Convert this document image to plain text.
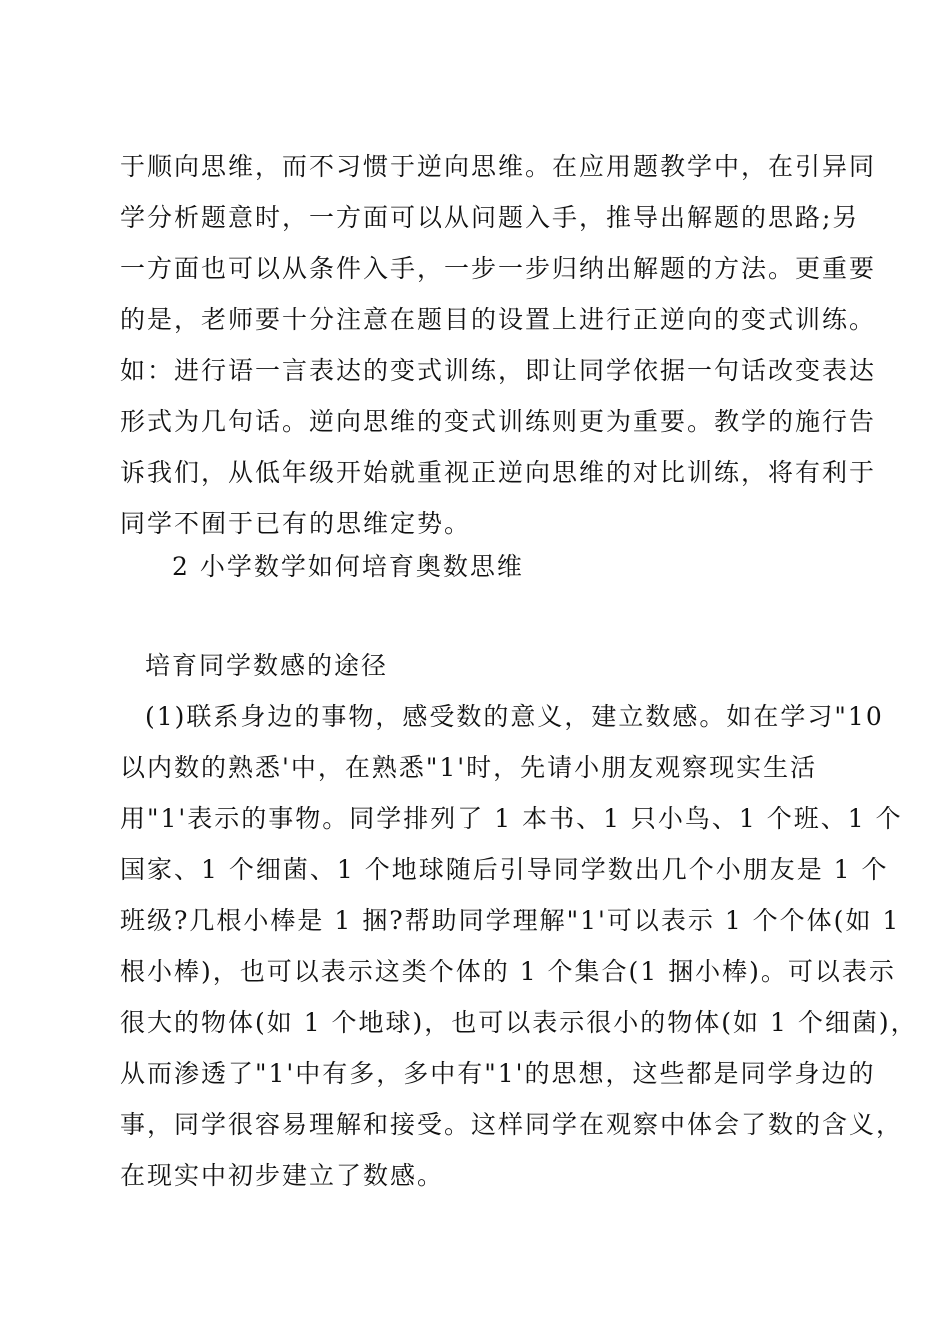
于顺向思维，而不习惯于逆向思维。在应用题教学中，在引异同
学分析题意时，一方面可以从问题入手，推导出解题的思路;另
一方面也可以从条件入手，一步一步归纳出解题的方法。更重要
的是，老师要十分注意在题目的设置上进行正逆向的变式训练。
如：进行语一言表达的变式训练，即让同学依据一句话改变表达
形式为几句话。逆向思维的变式训练则更为重要。教学的施行告
诉我们，从低年级开始就重视正逆向思维的对比训练，将有利于
同学不囿于已有的思维定势。
2 小学数学如何培育奥数思维
培育同学数感的途径
(1)联系身边的事物，感受数的意义，建立数感。如在学习"10
以内数的熟悉'中，在熟悉"1'时，先请小朋友观察现实生活
用"1'表示的事物。同学排列了 1 本书、1 只小鸟、1 个班、1 个
国家、1 个细菌、1 个地球随后引导同学数出几个小朋友是 1 个
班级?几根小棒是 1 捆?帮助同学理解"1'可以表示 1 个个体(如 1
根小棒)，也可以表示这类个体的 1 个集合(1 捆小棒)。可以表示
很大的物体(如 1 个地球)，也可以表示很小的物体(如 1 个细菌)，
从而渗透了"1'中有多，多中有"1'的思想，这些都是同学身边的
事，同学很容易理解和接受。这样同学在观察中体会了数的含义，
在现实中初步建立了数感。
